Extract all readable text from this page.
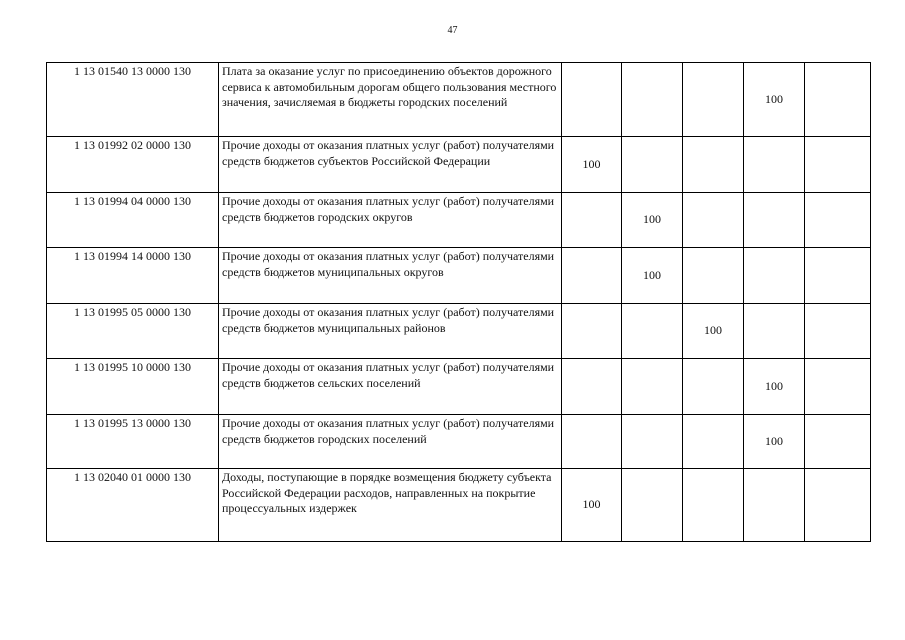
47
1 13 01540 13 0000 130	Плата за оказание услуг по присоединению объектов дорожного сервиса к автомобильным дорогам общего пользования местного значения, зачисляемая в бюджеты городских поселений				100	
1 13 01992 02 0000 130	Прочие доходы от оказания платных услуг (работ) получателями средств бюджетов субъектов Российской Федерации	100				
1 13 01994 04 0000 130	Прочие доходы от оказания платных услуг (работ) получателями средств бюджетов городских округов		100			
1 13 01994 14 0000 130	Прочие доходы от оказания платных услуг (работ) получателями средств бюджетов муниципальных округов		100			
1 13 01995 05 0000 130	Прочие доходы от оказания платных услуг (работ) получателями средств бюджетов муниципальных районов			100		
1 13 01995 10 0000 130	Прочие доходы от оказания платных услуг (работ) получателями средств бюджетов сельских поселений				100	
1 13 01995 13 0000 130	Прочие доходы от оказания платных услуг (работ) получателями средств бюджетов городских поселений				100	
1 13 02040 01 0000 130	Доходы, поступающие в порядке возмещения бюджету субъекта Российской Федерации расходов, направленных на покрытие процессуальных издержек	100				
